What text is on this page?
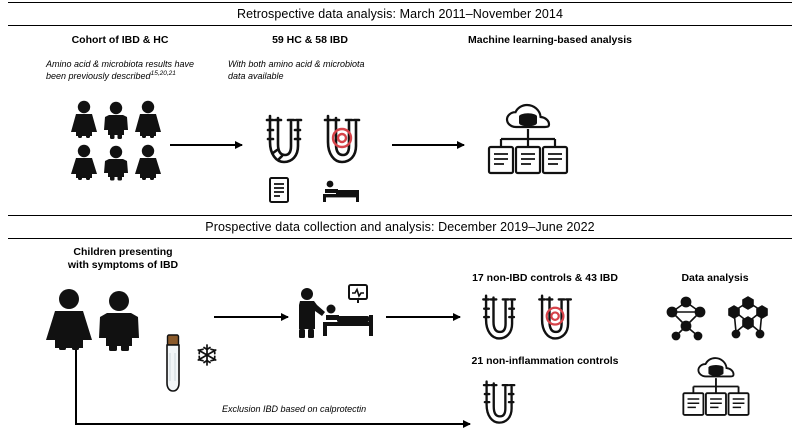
Retrospective data analysis: March 2011–November 2014
Cohort of IBD & HC
Amino acid & microbiota results have been previously described$^{15,20,21}$
59 HC & 58 IBD
With both amino acid & microbiota data available
Machine learning-based analysis
Prospective data collection and analysis: December 2019–June 2022
Children presenting
with symptoms of IBD
17 non-IBD controls & 43 IBD
21 non-inflammation controls
Exclusion IBD based on calprotectin
Data analysis
